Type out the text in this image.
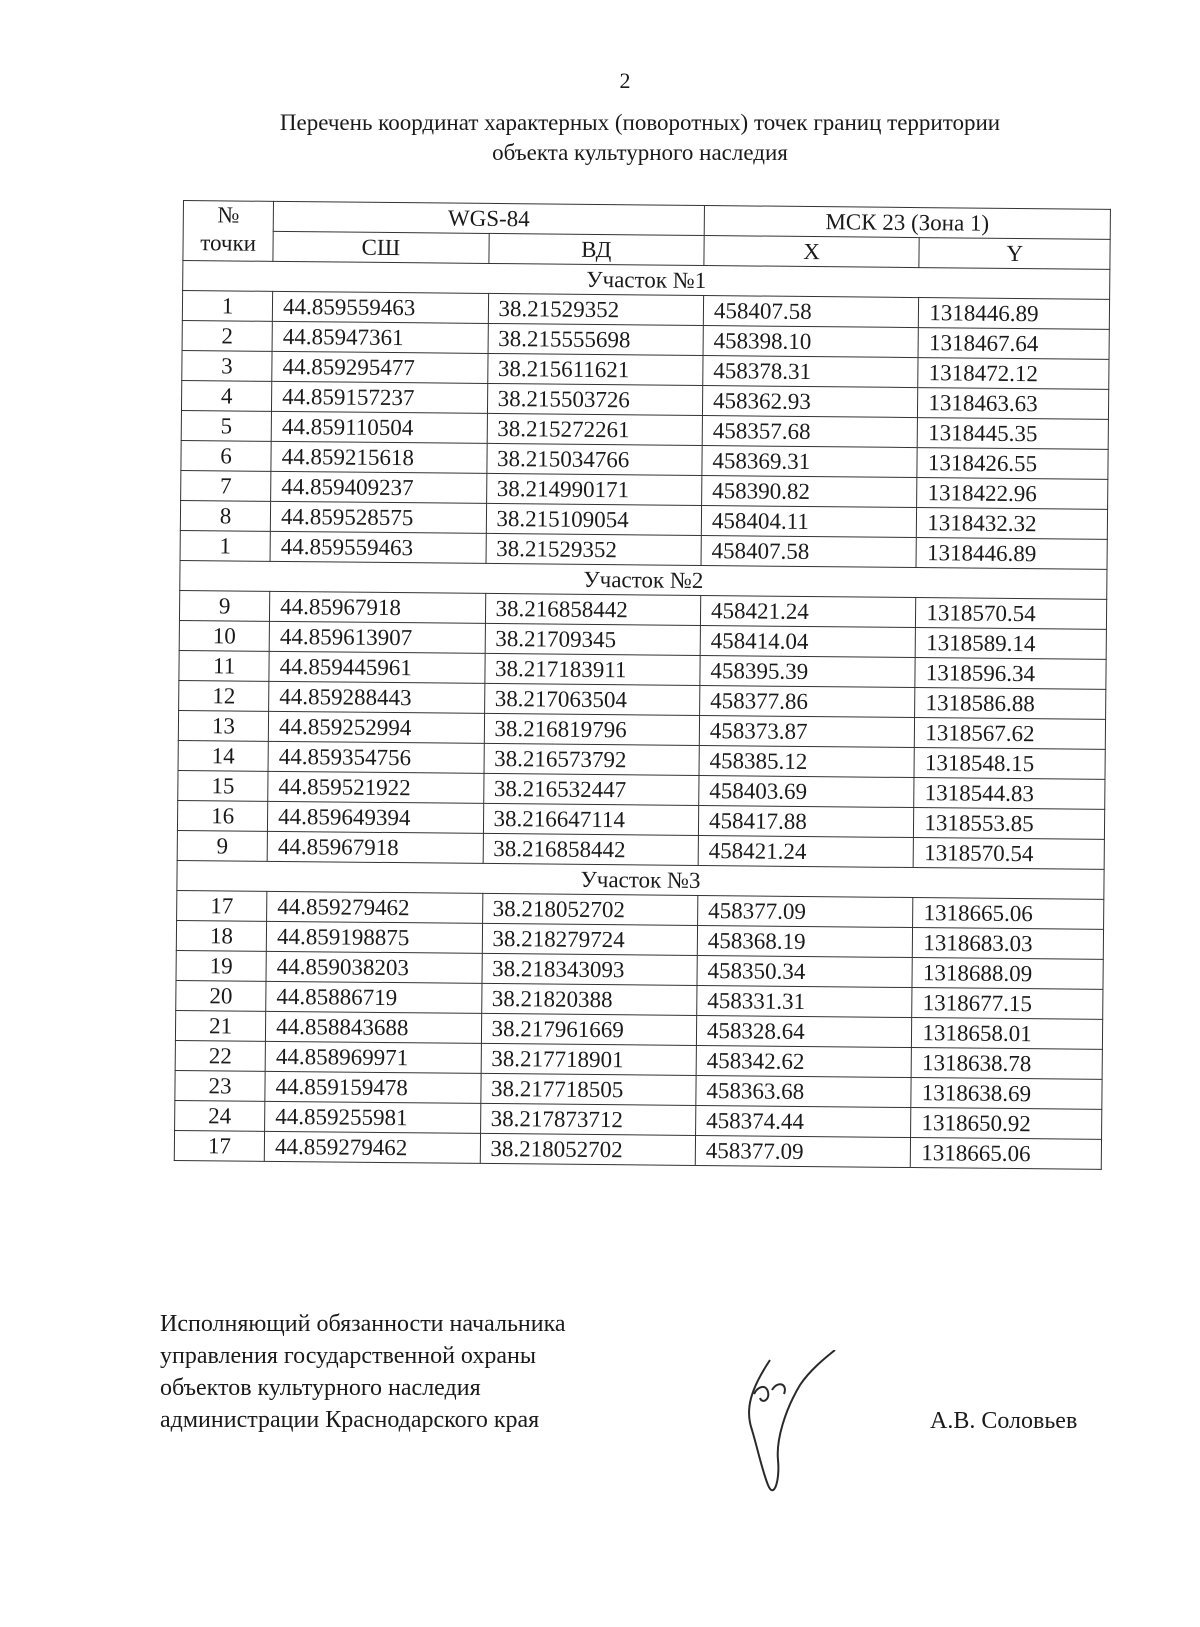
2
Перечень координат характерных (поворотных) точек границ территории
объекта культурного наследия
№
точки	WGS-84		МСК 23 (Зона 1)	
	СШ	ВД	X	Y
Участок №1				
1	44.859559463	38.21529352	458407.58	1318446.89
2	44.85947361	38.215555698	458398.10	1318467.64
3	44.859295477	38.215611621	458378.31	1318472.12
4	44.859157237	38.215503726	458362.93	1318463.63
5	44.859110504	38.215272261	458357.68	1318445.35
6	44.859215618	38.215034766	458369.31	1318426.55
7	44.859409237	38.214990171	458390.82	1318422.96
8	44.859528575	38.215109054	458404.11	1318432.32
1	44.859559463	38.21529352	458407.58	1318446.89
Участок №2				
9	44.85967918	38.216858442	458421.24	1318570.54
10	44.859613907	38.21709345	458414.04	1318589.14
11	44.859445961	38.217183911	458395.39	1318596.34
12	44.859288443	38.217063504	458377.86	1318586.88
13	44.859252994	38.216819796	458373.87	1318567.62
14	44.859354756	38.216573792	458385.12	1318548.15
15	44.859521922	38.216532447	458403.69	1318544.83
16	44.859649394	38.216647114	458417.88	1318553.85
9	44.85967918	38.216858442	458421.24	1318570.54
Участок №3				
17	44.859279462	38.218052702	458377.09	1318665.06
18	44.859198875	38.218279724	458368.19	1318683.03
19	44.859038203	38.218343093	458350.34	1318688.09
20	44.85886719	38.21820388	458331.31	1318677.15
21	44.858843688	38.217961669	458328.64	1318658.01
22	44.858969971	38.217718901	458342.62	1318638.78
23	44.859159478	38.217718505	458363.68	1318638.69
24	44.859255981	38.217873712	458374.44	1318650.92
17	44.859279462	38.218052702	458377.09	1318665.06
Исполняющий обязанности начальника
управления государственной охраны
объектов культурного наследия
администрации Краснодарского края	А.В. Соловьев
